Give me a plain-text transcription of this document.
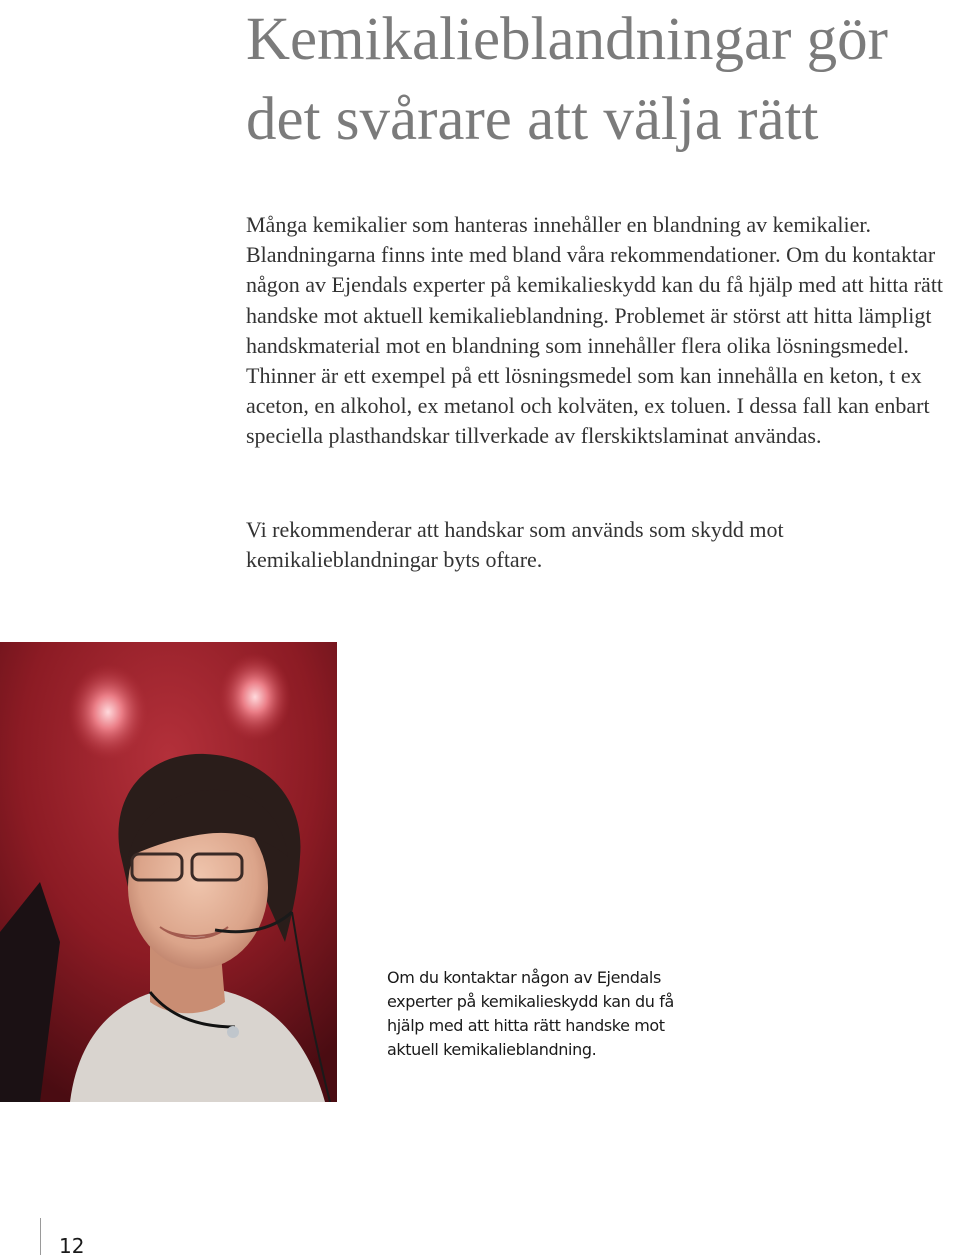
Kemikalieblandningar gör
det svårare att välja rätt

Många kemikalier som hanteras innehåller en blandning av kemikalier. Blandningarna finns inte med bland våra rekommendationer. Om du kontaktar någon av Ejendals experter på kemikalieskydd kan du få hjälp med att hitta rätt handske mot aktuell kemikalieblandning. Problemet är störst att hitta lämpligt handskmaterial mot en blandning som innehåller flera olika lösningsmedel. Thinner är ett exempel på ett lösningsmedel som kan innehålla en keton, t ex aceton, en alkohol, ex metanol och kolväten, ex toluen. I dessa fall kan enbart speciella plasthandskar tillverkade av flerskiktslaminat användas.

Vi rekommenderar att handskar som används som skydd mot kemikalieblandningar byts oftare.

Om du kontaktar någon av Ejendals experter på kemikalieskydd kan du få hjälp med att hitta rätt handske mot aktuell kemikalieblandning.

12
